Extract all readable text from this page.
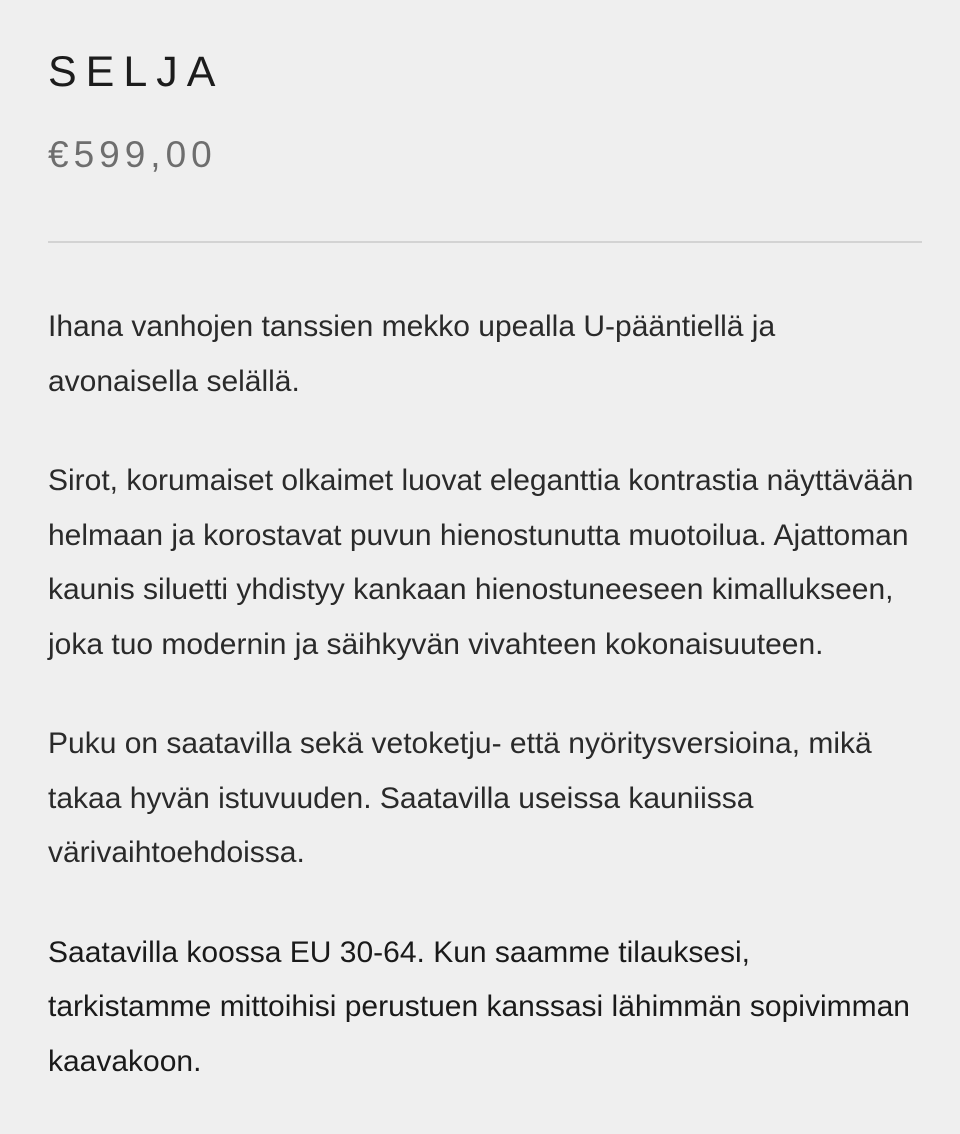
SELJA
€599,00

Ihana vanhojen tanssien mekko upealla U-pääntiellä ja avonaisella selällä.

Sirot, korumaiset olkaimet luovat eleganttia kontrastia näyttävään helmaan ja korostavat puvun hienostunutta muotoilua. Ajattoman kaunis siluetti yhdistyy kankaan hienostuneeseen kimallukseen, joka tuo modernin ja säihkyvän vivahteen kokonaisuuteen.

Puku on saatavilla sekä vetoketju- että nyöritysversioina, mikä takaa hyvän istuvuuden. Saatavilla useissa kauniissa värivaihtoehdoissa.

Saatavilla koossa EU 30-64. Kun saamme tilauksesi, tarkistamme mittoihisi perustuen kanssasi lähimmän sopivimman kaavakoon.
